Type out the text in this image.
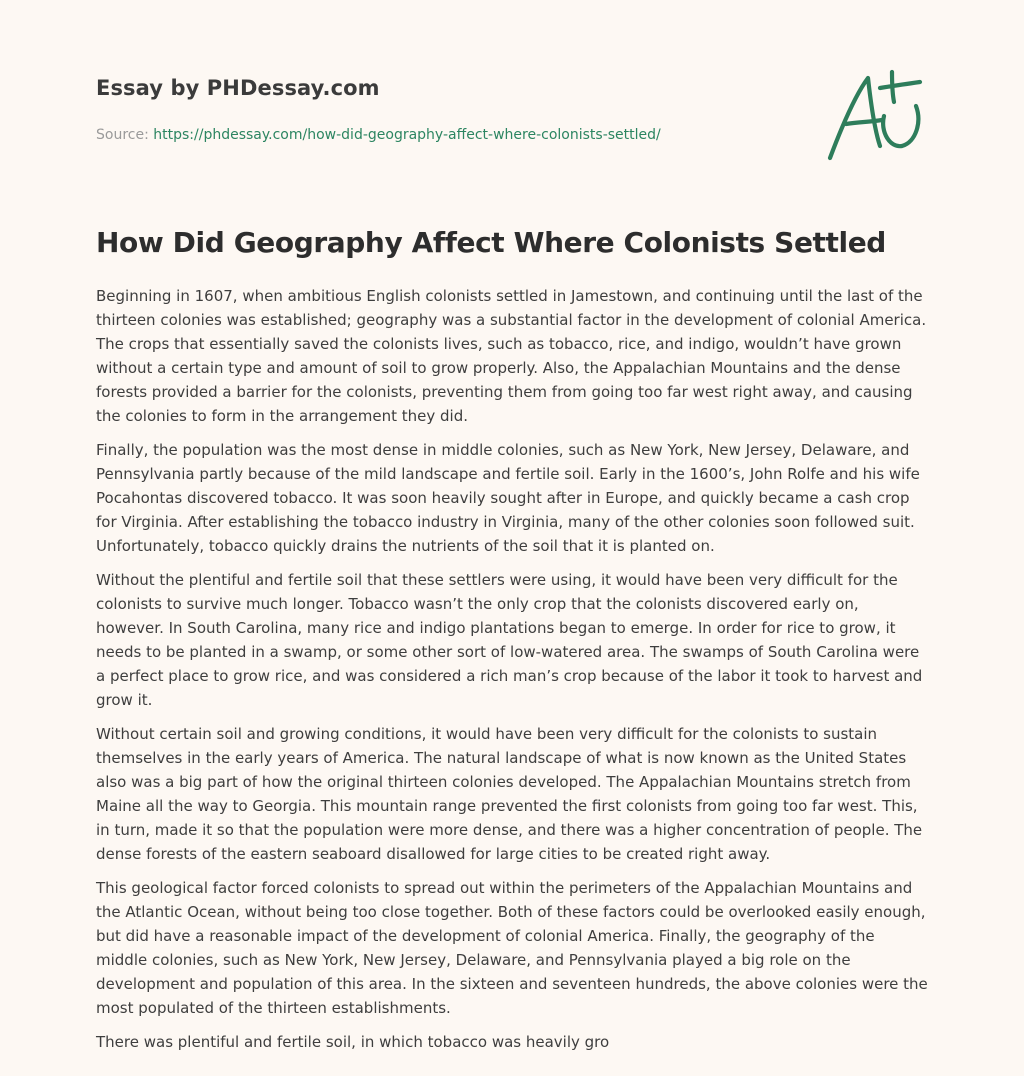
Essay by PHDessay.com
Source: https://phdessay.com/how-did-geography-affect-where-colonists-settled/
How Did Geography Affect Where Colonists Settled

Beginning in 1607, when ambitious English colonists settled in Jamestown, and continuing until the last of the thirteen colonies was established; geography was a substantial factor in the development of colonial America. The crops that essentially saved the colonists lives, such as tobacco, rice, and indigo, wouldn’t have grown without a certain type and amount of soil to grow properly. Also, the Appalachian Mountains and the dense forests provided a barrier for the colonists, preventing them from going too far west right away, and causing the colonies to form in the arrangement they did.

Finally, the population was the most dense in middle colonies, such as New York, New Jersey, Delaware, and Pennsylvania partly because of the mild landscape and fertile soil. Early in the 1600’s, John Rolfe and his wife Pocahontas discovered tobacco. It was soon heavily sought after in Europe, and quickly became a cash crop for Virginia. After establishing the tobacco industry in Virginia, many of the other colonies soon followed suit. Unfortunately, tobacco quickly drains the nutrients of the soil that it is planted on.

Without the plentiful and fertile soil that these settlers were using, it would have been very difficult for the colonists to survive much longer. Tobacco wasn’t the only crop that the colonists discovered early on, however. In South Carolina, many rice and indigo plantations began to emerge. In order for rice to grow, it needs to be planted in a swamp, or some other sort of low-watered area. The swamps of South Carolina were a perfect place to grow rice, and was considered a rich man’s crop because of the labor it took to harvest and grow it.

Without certain soil and growing conditions, it would have been very difficult for the colonists to sustain themselves in the early years of America. The natural landscape of what is now known as the United States also was a big part of how the original thirteen colonies developed. The Appalachian Mountains stretch from Maine all the way to Georgia. This mountain range prevented the first colonists from going too far west. This, in turn, made it so that the population were more dense, and there was a higher concentration of people. The dense forests of the eastern seaboard disallowed for large cities to be created right away.

This geological factor forced colonists to spread out within the perimeters of the Appalachian Mountains and the Atlantic Ocean, without being too close together. Both of these factors could be overlooked easily enough, but did have a reasonable impact of the development of colonial America. Finally, the geography of the middle colonies, such as New York, New Jersey, Delaware, and Pennsylvania played a big role on the development and population of this area. In the sixteen and seventeen hundreds, the above colonies were the most populated of the thirteen establishments.

There was plentiful and fertile soil, in which tobacco was heavily gro
